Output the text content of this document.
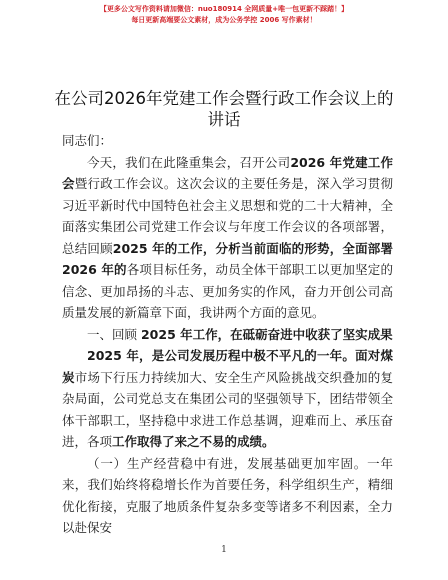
【更多公文写作资料请加微信：nuo180914 全网质量+唯一包更新不踩踏！】
每日更新高端要公文素材，成为公务学控 2006 写作素材！
在公司2026年党建工作会暨行政工作会议上的讲话

同志们：

今天，我们在此隆重集会，召开公司2026 年党建工作会暨行政工作会议。这次会议的主要任务是，深入学习贯彻习近平新时代中国特色社会主义思想和党的二十大精神，全面落实集团公司党建工作会议与年度工作会议的各项部署，总结回顾2025 年的工作，分析当前面临的形势，全面部署 2026 年的各项目标任务，动员全体干部职工以更加坚定的信念、更加昂扬的斗志、更加务实的作风，奋力开创公司高质量发展的新篇章下面，我讲两个方面的意见。

一、回顾 2025 年工作，在砥砺奋进中收获了坚实成果

2025 年，是公司发展历程中极不平凡的一年。面对煤炭市场下行压力持续加大、安全生产风险挑战交织叠加的复杂局面，公司党总支在集团公司的坚强领导下，团结带领全体干部职工，坚持稳中求进工作总基调，迎难而上、承压奋进，各项工作取得了来之不易的成绩。

（一）生产经营稳中有进，发展基础更加牢固。一年来，我们始终将稳增长作为首要任务，科学组织生产，精细优化衔接，克服了地质条件复杂多变等诸多不利因素，全力以赴保安

1
